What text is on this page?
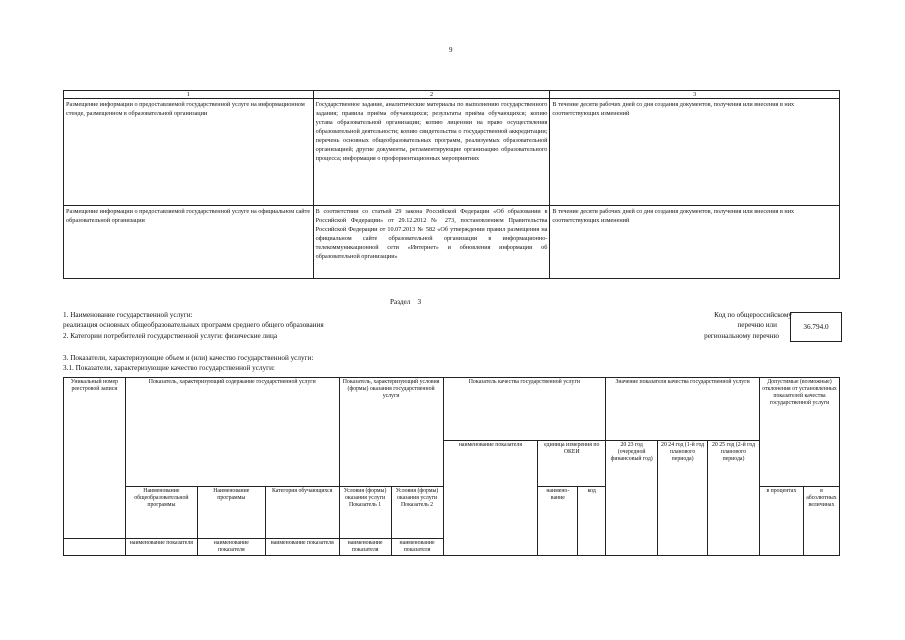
9
1	2	3
Размещение информации о предоставляемой государственной услуге на информационном стенде, размещенном в образовательной организации	Государственное задание, аналитические материалы по выполнению государственного задания; правила приёма обучающихся; результаты приёма обучающихся; копию устава образовательной организации; копию лицензии на право осуществления образовательной деятельности; копию свидетельства о государственной аккредитации; перечень основных общеобразовательных программ, реализуемых образовательной организацией; другие документы, регламентирующие организацию образовательного процесса; информация о профориентационных мероприятиях	В течение десяти рабочих дней со дня создания документов, получения или внесения в них соответствующих изменений
Размещение информации о предоставляемой государственной услуге на официальном сайте образовательной организации	В соответствии со статьей 29 закона Российской Федерации «Об образовании в Российской Федерации» от 29.12.2012 № 273, постановлением Правительства Российской Федерации от 10.07.2013 № 582 «Об утверждении правил размещения на официальном сайте образовательной организации в информационно-телекоммуникационной сети «Интернет» и обновления информации об образовательной организации»	В течение десяти рабочих дней со дня создания документов, получения или внесения в них соответствующих изменений
Раздел 3
1. Наименование государственной услуги:
реализация основных общеобразовательных программ среднего общего образования
2. Категории потребителей государственной услуги: физические лица
Код по общероссийскому
перечню или
региональному перечню
36.794.0
3. Показатели, характеризующие объем и (или) качество государственной услуги:
3.1. Показатели, характеризующие качество государственной услуги:
Уникальный номер реестровой записи	Показатель, характеризующий содержание государственной услуги			Показатель, характеризующий условия (формы) оказания государственной услуги		Показатель качества государственной услуги			Значение показателя качества государственной услуги			Допустимые (возможные) отклонения от установленных показателей качества государственной услуги	
						наименование показателя	единица измерения по ОКЕИ		20 23 год (очередной финансовый год)	20 24 год (1-й год планового периода)	20 25 год (2-й год планового периода)		
	Наименование общеобразовательной программы	Наименование программы	Категория обучающихся	Условия (формы) оказания услуги Показатель 1	Условия (формы) оказания услуги Показатель 2		наимено-вание	код				в процентах	в абсолютных величинах
	наименование показателя	наименование показателя	наименование показателя	наименование показателя	наименование показателя								
